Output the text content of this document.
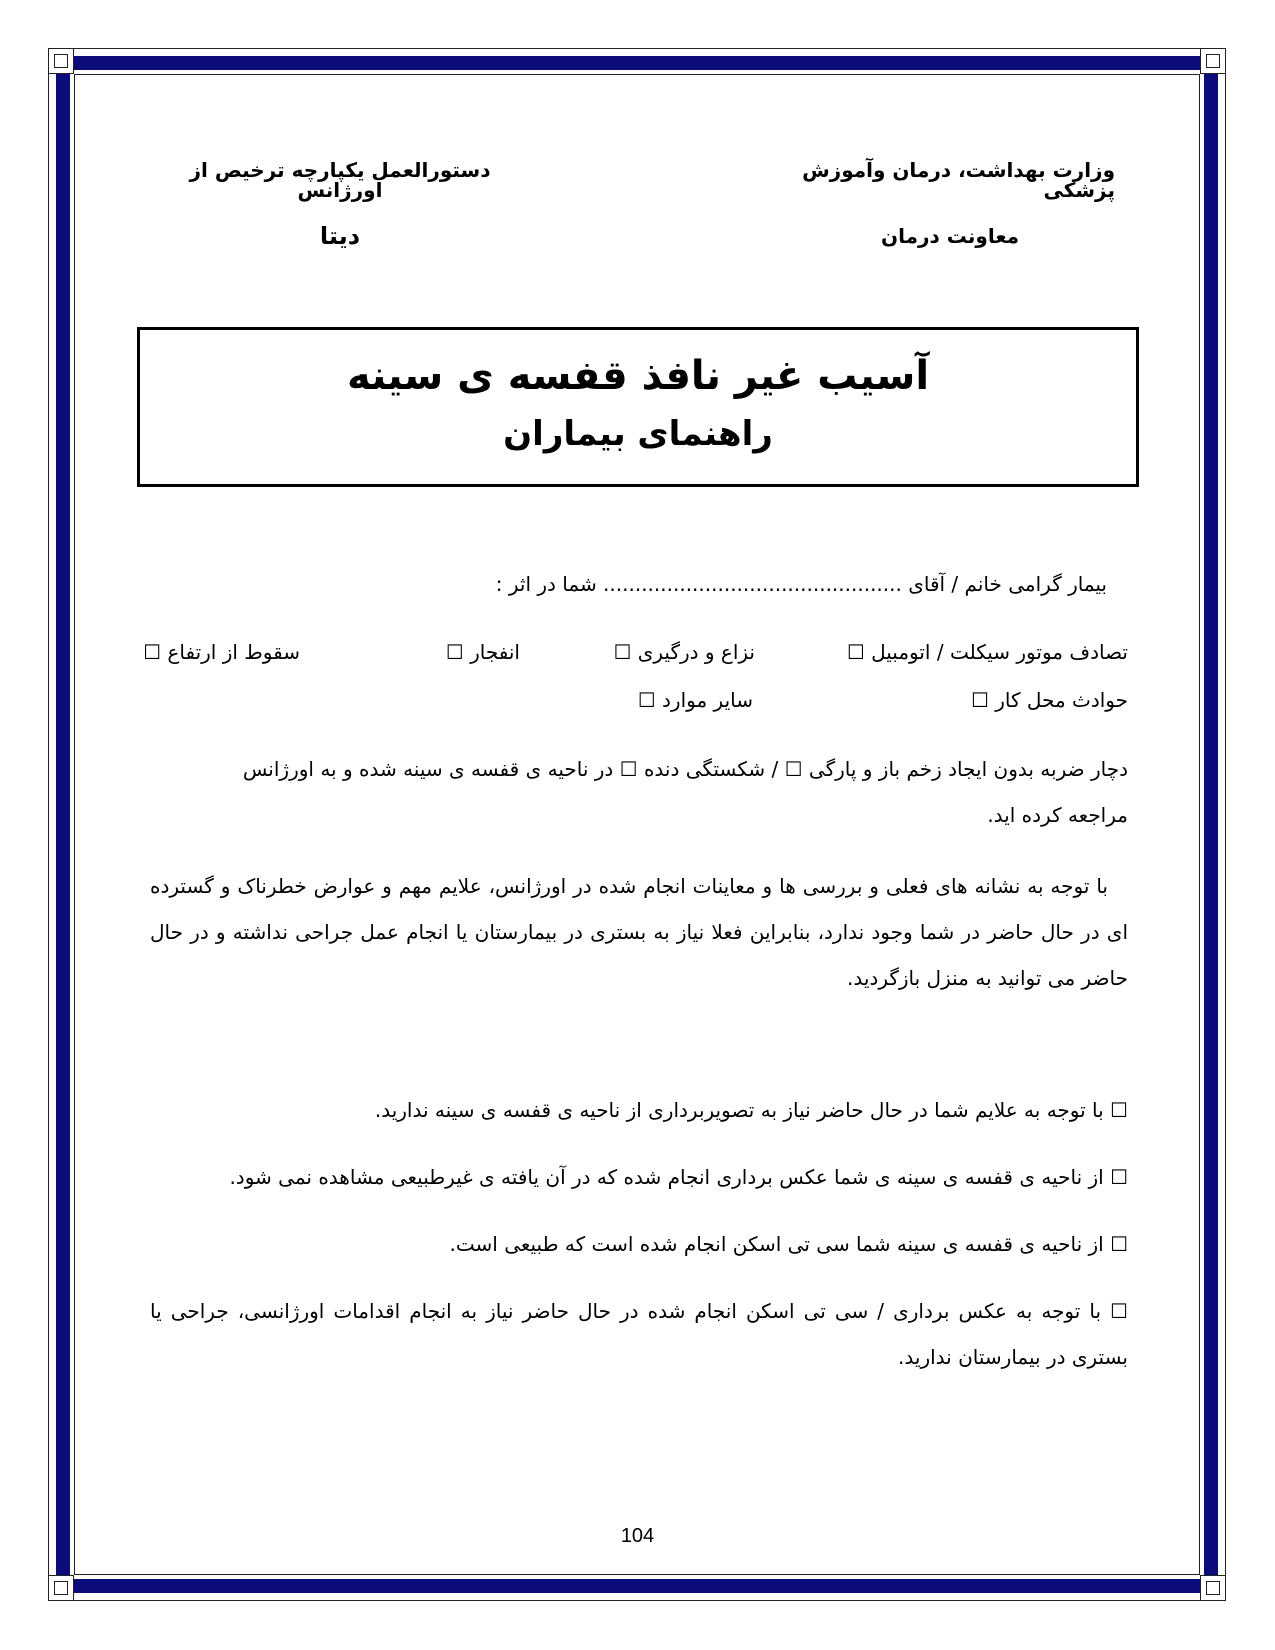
وزارت بهداشت، درمان وآموزش پزشکی
معاونت درمان
دستورالعمل یکپارچه ترخیص از اورژانس
دیتا
آسیب غیر نافذ قفسه ی سینه
راهنمای بیماران
بیمار گرامی خانم / آقای ............................................... شما در اثر :
تصادف موتور سیکلت / اتومبیل ☐
نزاع و درگیری ☐
انفجار ☐
سقوط از ارتفاع ☐
حوادث محل کار ☐
سایر موارد ☐
دچار ضربه بدون ایجاد زخم باز و پارگی ☐ / شکستگی دنده ☐ در ناحیه ی قفسه ی سینه شده و به اورژانس
مراجعه کرده اید.
با توجه به نشانه های فعلی و بررسی ها و معاینات انجام شده در اورژانس، علایم مهم و عوارض خطرناک و گسترده ای در حال حاضر در شما وجود ندارد، بنابراین فعلا نیاز به بستری در بیمارستان یا انجام عمل جراحی نداشته و در حال حاضر می توانید به منزل بازگردید.
☐ با توجه به علایم شما در حال حاضر نیاز به تصویربرداری از ناحیه ی قفسه ی سینه ندارید.
☐ از ناحیه ی قفسه ی سینه ی شما عکس برداری انجام شده که در آن یافته ی غیرطبیعی مشاهده نمی شود.
☐ از ناحیه ی قفسه ی سینه شما سی تی اسکن انجام شده است که طبیعی است.
☐ با توجه به عکس برداری / سی تی اسکن انجام شده در حال حاضر نیاز به انجام اقدامات اورژانسی، جراحی یا بستری در بیمارستان ندارید.
104
